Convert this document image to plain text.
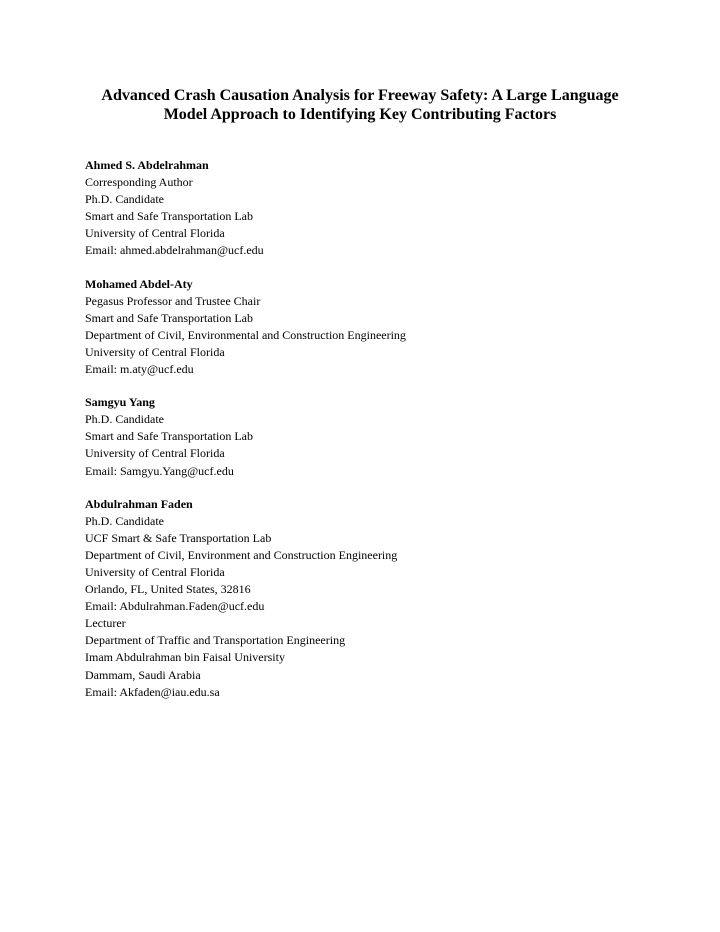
Advanced Crash Causation Analysis for Freeway Safety: A Large Language
Model Approach to Identifying Key Contributing Factors
Ahmed S. Abdelrahman
Corresponding Author
Ph.D. Candidate
Smart and Safe Transportation Lab
University of Central Florida
Email: ahmed.abdelrahman@ucf.edu
Mohamed Abdel-Aty
Pegasus Professor and Trustee Chair
Smart and Safe Transportation Lab
Department of Civil, Environmental and Construction Engineering
University of Central Florida
Email: m.aty@ucf.edu
Samgyu Yang
Ph.D. Candidate
Smart and Safe Transportation Lab
University of Central Florida
Email: Samgyu.Yang@ucf.edu
Abdulrahman Faden
Ph.D. Candidate
UCF Smart & Safe Transportation Lab
Department of Civil, Environment and Construction Engineering
University of Central Florida
Orlando, FL, United States, 32816
Email: Abdulrahman.Faden@ucf.edu
Lecturer
Department of Traffic and Transportation Engineering
Imam Abdulrahman bin Faisal University
Dammam, Saudi Arabia
Email: Akfaden@iau.edu.sa
